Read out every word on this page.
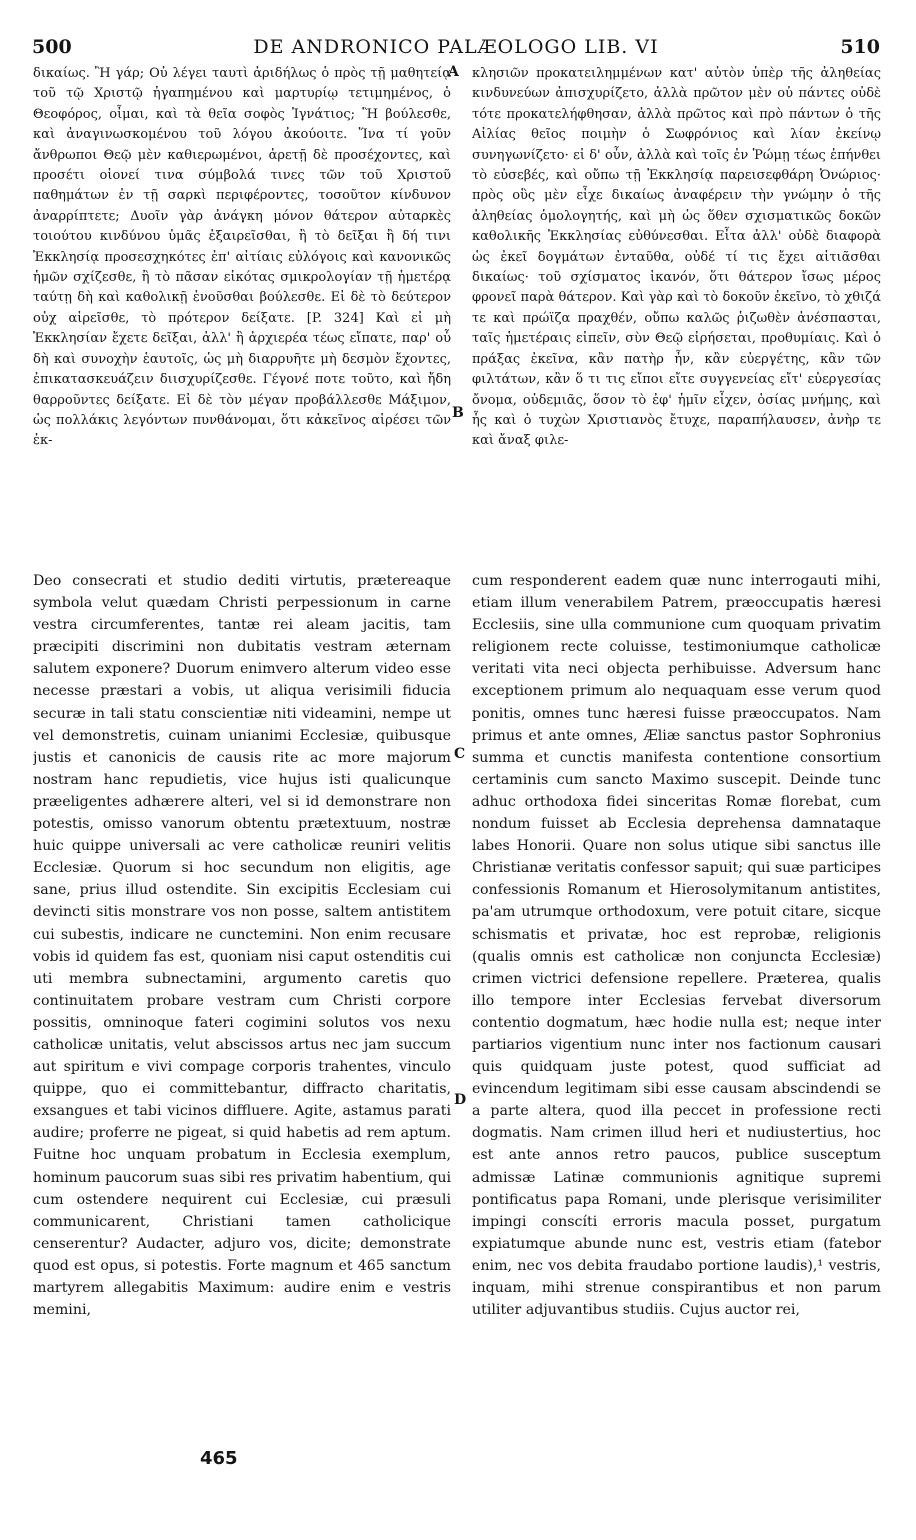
500	DE ANDRONICO PALÆOLOGO LIB. VI	510

δικαίως. Ἢ γάρ; Οὐ λέγει ταυτὶ ἀριδήλως ὁ πρὸς τῇ μαθητείᾳ τοῦ τῷ Χριστῷ ἠγαπημένου καὶ μαρτυρίῳ τετιμημένος, ὁ Θεοφόρος, οἶμαι, καὶ τὰ θεῖα σοφὸς Ἰγνάτιος; Ἢ βούλεσθε, καὶ ἀναγινωσκομένου τοῦ λόγου ἀκούοιτε. Ἵνα τί γοῦν ἄνθρωποι Θεῷ μὲν καθιερωμένοι, ἀρετῇ δὲ προσέχοντες, καὶ προσέτι οἱονεί τινα σύμβολά τινες τῶν τοῦ Χριστοῦ παθημάτων ἐν τῇ σαρκὶ περιφέροντες, τοσοῦτον κίνδυνον ἀναρρίπτετε; Δυοῖν γὰρ ἀνάγκη μόνον θάτερον αὐταρκὲς τοιούτου κινδύνου ὑμᾶς ἐξαιρεῖσθαι, ἢ τὸ δεῖξαι ἢ δή τινι Ἐκκλησίᾳ προσεσχηκότες ἐπ' αἰτίαις εὐλόγοις καὶ κανονικῶς ἡμῶν σχίζεσθε, ἢ τὸ πᾶσαν εἰκότας σμικρολογίαν τῇ ἡμετέρᾳ ταύτῃ δὴ καὶ καθολικῇ ἑνοῦσθαι βούλεσθε. Εἰ δὲ τὸ δεύτερον οὐχ αἱρεῖσθε, τὸ πρότερον δείξατε. [P. 324] Καὶ εἰ μὴ Ἐκκλησίαν ἔχετε δεῖξαι, ἀλλ' ἢ ἀρχιερέα τέως εἴπατε, παρ' οὗ δὴ καὶ συνοχὴν ἑαυτοῖς, ὡς μὴ διαρρυῆτε μὴ δεσμὸν ἔχοντες, ἐπικατασκευάζειν διισχυρίζεσθε. Γέγονέ ποτε τοῦτο, καὶ ἤδη θαρροῦντες δείξατε. Εἰ δὲ τὸν μέγαν προβάλλεσθε Μάξιμον, ὡς πολλάκις λεγόντων πυνθάνομαι, ὅτι κἀκεῖνος αἱρέσει τῶν ἐκ-

κλησιῶν προκατειλημμένων κατ' αὐτὸν ὑπὲρ τῆς ἀληθείας κινδυνεύων ἀπισχυρίζετο, ἀλλὰ πρῶτον μὲν οὐ πάντες οὐδὲ τότε προκατελήφθησαν, ἀλλὰ πρῶτος καὶ πρὸ πάντων ὁ τῆς Αἰλίας θεῖος ποιμὴν ὁ Σωφρόνιος καὶ λίαν ἐκείνῳ συνηγωνίζετο· εἰ δ' οὖν, ἀλλὰ καὶ τοῖς ἐν Ῥώμῃ τέως ἐπήνθει τὸ εὐσεβές, καὶ οὔπω τῇ Ἐκκλησίᾳ παρεισεφθάρη Ὀνώριος· πρὸς οὓς μὲν εἶχε δικαίως ἀναφέρειν τὴν γνώμην ὁ τῆς ἀληθείας ὁμολογητής, καὶ μὴ ὡς ὅθεν σχισματικῶς δοκῶν καθολικῆς Ἐκκλησίας εὐθύνεσθαι. Εἶτα ἀλλ' οὐδὲ διαφορὰ ὡς ἐκεῖ δογμάτων ἐνταῦθα, οὐδέ τί τις ἔχει αἰτιᾶσθαι δικαίως· τοῦ σχίσματος ἱκανόν, ὅτι θάτερον ἴσως μέρος φρονεῖ παρὰ θάτερον. Καὶ γὰρ καὶ τὸ δοκοῦν ἐκεῖνο, τὸ χθιζά τε καὶ πρώϊζα πραχθέν, οὔπω καλῶς ῥιζωθὲν ἀνέσπασται, ταῖς ἡμετέραις εἰπεῖν, σὺν Θεῷ εἰρήσεται, προθυμίαις. Καὶ ὁ πράξας ἐκεῖνα, κἂν πατὴρ ἦν, κἂν εὐεργέτης, κἂν τῶν φιλτάτων, κἂν ὅ τι τις εἴποι εἴτε συγγενείας εἴτ' εὐεργεσίας ὄνομα, οὐδεμιᾶς, ὅσον τὸ ἐφ' ἡμῖν εἶχεν, ὁσίας μνήμης, καὶ ἧς καὶ ὁ τυχὼν Χριστιανὸς ἔτυχε, παραπήλαυσεν, ἀνὴρ τε καὶ ἄναξ φιλε-

A
B
C
D

Deo consecrati et studio dediti virtutis, prætereaque symbola velut quædam Christi perpessionum in carne vestra circumferentes, tantæ rei aleam jacitis, tam præcipiti discrimini non dubitatis vestram æternam salutem exponere? Duorum enimvero alterum video esse necesse præstari a vobis, ut aliqua verisimili fiducia securæ in tali statu conscientiæ niti videamini, nempe ut vel demonstretis, cuinam unianimi Ecclesiæ, quibusque justis et canonicis de causis rite ac more majorum nostram hanc repudietis, vice hujus isti qualicunque præeligentes adhærere alteri, vel si id demonstrare non potestis, omisso vanorum obtentu prætextuum, nostræ huic quippe universali ac vere catholicæ reuniri velitis Ecclesiæ. Quorum si hoc secundum non eligitis, age sane, prius illud ostendite. Sin excipitis Ecclesiam cui devincti sitis monstrare vos non posse, saltem antistitem cui subestis, indicare ne cunctemini. Non enim recusare vobis id quidem fas est, quoniam nisi caput ostenditis cui uti membra subnectamini, argumento caretis quo continuitatem probare vestram cum Christi corpore possitis, omninoque fateri cogimini solutos vos nexu catholicæ unitatis, velut abscissos artus nec jam succum aut spiritum e vivi compage corporis trahentes, vinculo quippe, quo ei committebantur, diffracto charitatis, exsangues et tabi vicinos diffluere. Agite, astamus parati audire; proferre ne pigeat, si quid habetis ad rem aptum. Fuitne hoc unquam probatum in Ecclesia exemplum, hominum paucorum suas sibi res privatim habentium, qui cum ostendere nequirent cui Ecclesiæ, cui præsuli communicarent, Christiani tamen catholicique censerentur? Audacter, adjuro vos, dicite; demonstrate quod est opus, si potestis. Forte magnum et 465 sanctum martyrem allegabitis Maximum: audire enim e vestris memini,

cum responderent eadem quæ nunc interrogauti mihi, etiam illum venerabilem Patrem, præoccupatis hæresi Ecclesiis, sine ulla communione cum quoquam privatim religionem recte coluisse, testimoniumque catholicæ veritati vita neci objecta perhibuisse. Adversum hanc exceptionem primum alo nequaquam esse verum quod ponitis, omnes tunc hæresi fuisse præoccupatos. Nam primus et ante omnes, Æliæ sanctus pastor Sophronius summa et cunctis manifesta contentione consortium certaminis cum sancto Maximo suscepit. Deinde tunc adhuc orthodoxa fidei sinceritas Romæ florebat, cum nondum fuisset ab Ecclesia deprehensa damnataque labes Honorii. Quare non solus utique sibi sanctus ille Christianæ veritatis confessor sapuit; qui suæ participes confessionis Romanum et Hierosolymitanum antistites, pa'am utrumque orthodoxum, vere potuit citare, sicque schismatis et privatæ, hoc est reprobæ, religionis (qualis omnis est catholicæ non conjuncta Ecclesiæ) crimen victrici defensione repellere. Præterea, qualis illo tempore inter Ecclesias fervebat diversorum contentio dogmatum, hæc hodie nulla est; neque inter partiarios vigentium nunc inter nos factionum causari quis quidquam juste potest, quod sufficiat ad evincendum legitimam sibi esse causam abscindendi se a parte altera, quod illa peccet in professione recti dogmatis. Nam crimen illud heri et nudiustertius, hoc est ante annos retro paucos, publice susceptum admissæ Latinæ communionis agnitique supremi pontificatus papa Romani, unde plerisque verisimiliter impingi conscíti erroris macula posset, purgatum expiatumque abunde nunc est, vestris etiam (fatebor enim, nec vos debita fraudabo portione laudis),¹ vestris, inquam, mihi strenue conspirantibus et non parum utiliter adjuvantibus studiis. Cujus auctor rei,

465
